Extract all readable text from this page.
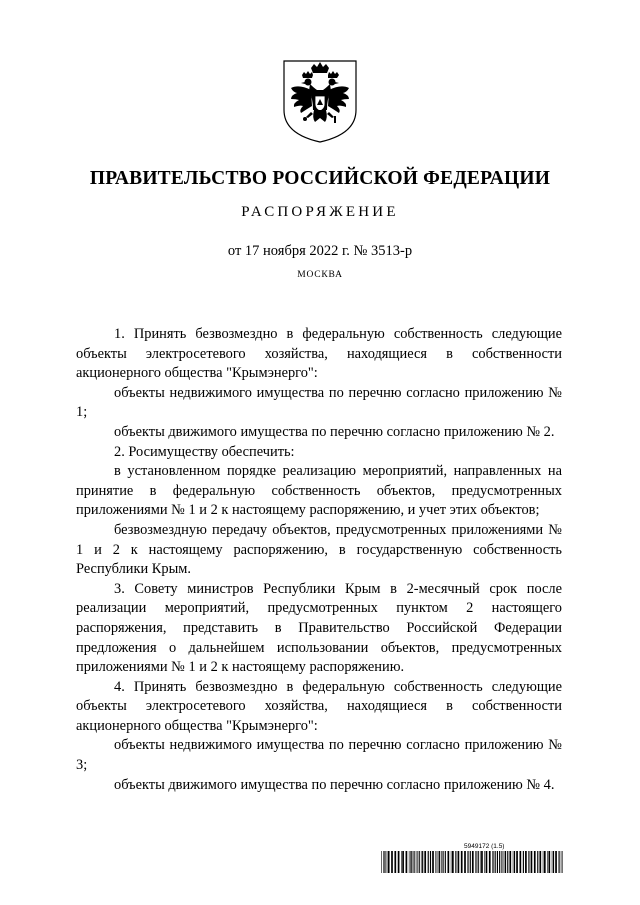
ПРАВИТЕЛЬСТВО РОССИЙСКОЙ ФЕДЕРАЦИИ
РАСПОРЯЖЕНИЕ
от 17 ноября 2022 г. № 3513-р
МОСКВА

1. Принять безвозмездно в федеральную собственность следующие объекты электросетевого хозяйства, находящиеся в собственности акционерного общества "Крымэнерго":

объекты недвижимого имущества по перечню согласно приложению № 1;

объекты движимого имущества по перечню согласно приложению № 2.

2. Росимуществу обеспечить:

в установленном порядке реализацию мероприятий, направленных на принятие в федеральную собственность объектов, предусмотренных приложениями № 1 и 2 к настоящему распоряжению, и учет этих объектов;

безвозмездную передачу объектов, предусмотренных приложениями № 1 и 2 к настоящему распоряжению, в государственную собственность Республики Крым.

3. Совету министров Республики Крым в 2-месячный срок после реализации мероприятий, предусмотренных пунктом 2 настоящего распоряжения, представить в Правительство Российской Федерации предложения о дальнейшем использовании объектов, предусмотренных приложениями № 1 и 2 к настоящему распоряжению.

4. Принять безвозмездно в федеральную собственность следующие объекты электросетевого хозяйства, находящиеся в собственности акционерного общества "Крымэнерго":

объекты недвижимого имущества по перечню согласно приложению № 3;

объекты движимого имущества по перечню согласно приложению № 4.

5949172 (1.5)
